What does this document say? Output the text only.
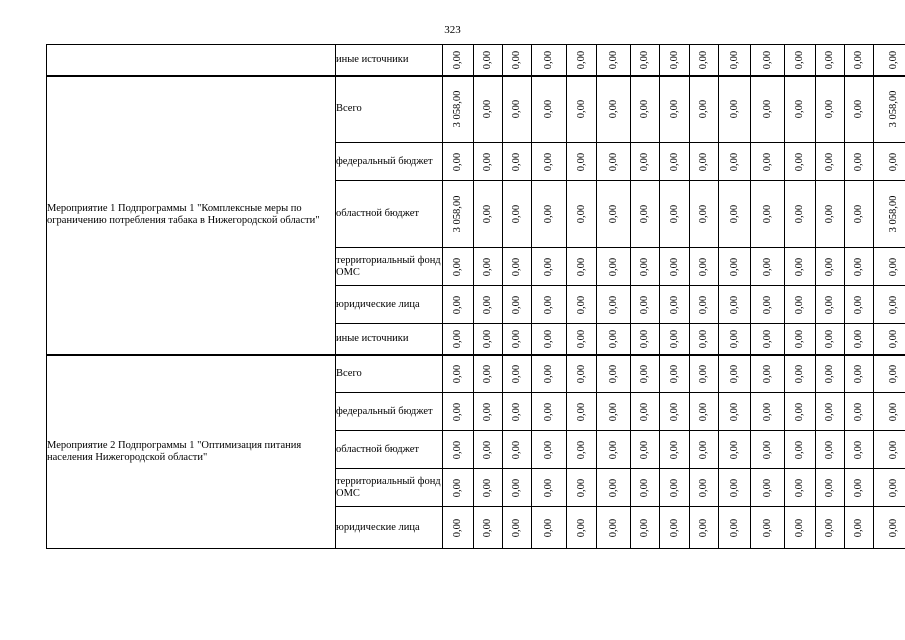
323
	иные источники	0,00	0,00	0,00	0,00	0,00	0,00	0,00	0,00	0,00	0,00	0,00	0,00	0,00	0,00	0,00

Мероприятие 1 Подпрограммы 1 "Комплексные меры по ограничению потребления табака в Нижегородской области"	Всего	3 058,00	0,00	0,00	0,00	0,00	0,00	0,00	0,00	0,00	0,00	0,00	0,00	0,00	0,00	3 058,00

	федеральный бюджет	0,00	0,00	0,00	0,00	0,00	0,00	0,00	0,00	0,00	0,00	0,00	0,00	0,00	0,00	0,00

	областной бюджет	3 058,00	0,00	0,00	0,00	0,00	0,00	0,00	0,00	0,00	0,00	0,00	0,00	0,00	0,00	3 058,00

	территориальный фонд ОМС	0,00	0,00	0,00	0,00	0,00	0,00	0,00	0,00	0,00	0,00	0,00	0,00	0,00	0,00	0,00

	юридические лица	0,00	0,00	0,00	0,00	0,00	0,00	0,00	0,00	0,00	0,00	0,00	0,00	0,00	0,00	0,00

	иные источники	0,00	0,00	0,00	0,00	0,00	0,00	0,00	0,00	0,00	0,00	0,00	0,00	0,00	0,00	0,00

Мероприятие 2 Подпрограммы 1 "Оптимизация питания населения Нижегородской области"	Всего	0,00	0,00	0,00	0,00	0,00	0,00	0,00	0,00	0,00	0,00	0,00	0,00	0,00	0,00	0,00

	федеральный бюджет	0,00	0,00	0,00	0,00	0,00	0,00	0,00	0,00	0,00	0,00	0,00	0,00	0,00	0,00	0,00

	областной бюджет	0,00	0,00	0,00	0,00	0,00	0,00	0,00	0,00	0,00	0,00	0,00	0,00	0,00	0,00	0,00

	территориальный фонд ОМС	0,00	0,00	0,00	0,00	0,00	0,00	0,00	0,00	0,00	0,00	0,00	0,00	0,00	0,00	0,00

	юридические лица	0,00	0,00	0,00	0,00	0,00	0,00	0,00	0,00	0,00	0,00	0,00	0,00	0,00	0,00	0,00
